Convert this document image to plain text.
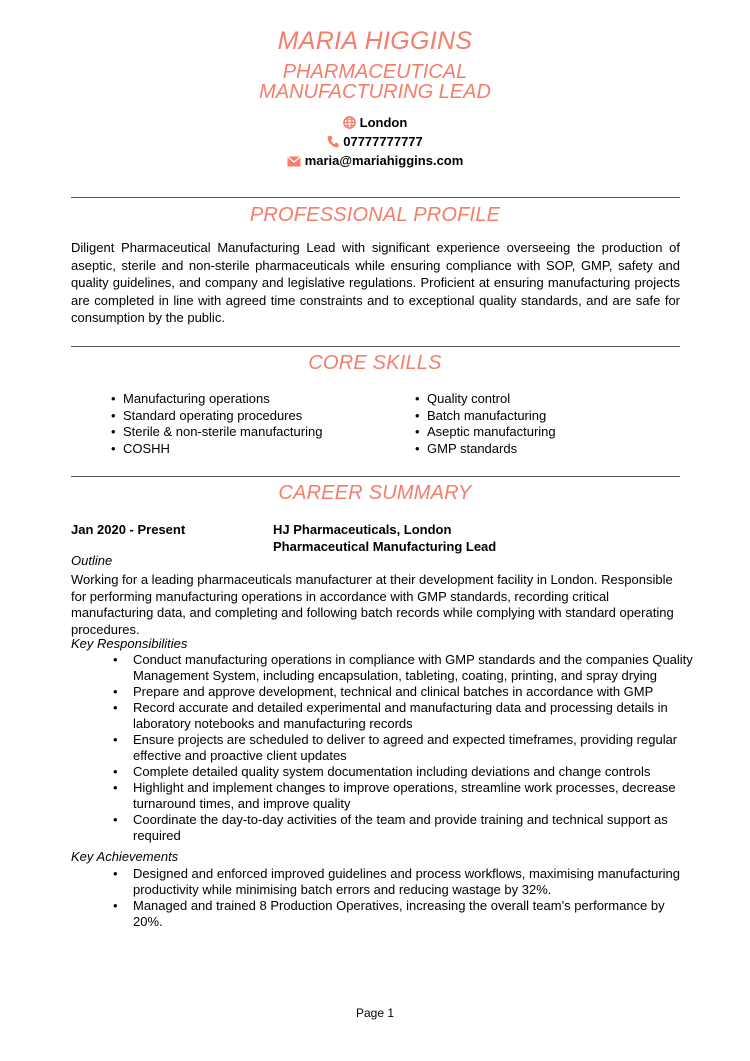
MARIA HIGGINS
PHARMACEUTICAL
MANUFACTURING LEAD
London
07777777777
maria@mariahiggins.com
PROFESSIONAL PROFILE
Diligent Pharmaceutical Manufacturing Lead with significant experience overseeing the production of aseptic, sterile and non-sterile pharmaceuticals while ensuring compliance with SOP, GMP, safety and quality guidelines, and company and legislative regulations. Proficient at ensuring manufacturing projects are completed in line with agreed time constraints and to exceptional quality standards, and are safe for consumption by the public.
CORE SKILLS
• Manufacturing operations
• Standard operating procedures
• Sterile & non-sterile manufacturing
• COSHH
• Quality control
• Batch manufacturing
• Aseptic manufacturing
• GMP standards
CAREER SUMMARY
Jan 2020 - Present	HJ Pharmaceuticals, London
Pharmaceutical Manufacturing Lead
Outline
Working for a leading pharmaceuticals manufacturer at their development facility in London. Responsible for performing manufacturing operations in accordance with GMP standards, recording critical manufacturing data, and completing and following batch records while complying with standard operating procedures.
Key Responsibilities
• Conduct manufacturing operations in compliance with GMP standards and the companies Quality Management System, including encapsulation, tableting, coating, printing, and spray drying
• Prepare and approve development, technical and clinical batches in accordance with GMP
• Record accurate and detailed experimental and manufacturing data and processing details in laboratory notebooks and manufacturing records
• Ensure projects are scheduled to deliver to agreed and expected timeframes, providing regular effective and proactive client updates
• Complete detailed quality system documentation including deviations and change controls
• Highlight and implement changes to improve operations, streamline work processes, decrease turnaround times, and improve quality
• Coordinate the day-to-day activities of the team and provide training and technical support as required
Key Achievements
• Designed and enforced improved guidelines and process workflows, maximising manufacturing productivity while minimising batch errors and reducing wastage by 32%.
• Managed and trained 8 Production Operatives, increasing the overall team’s performance by 20%.
Page 1
